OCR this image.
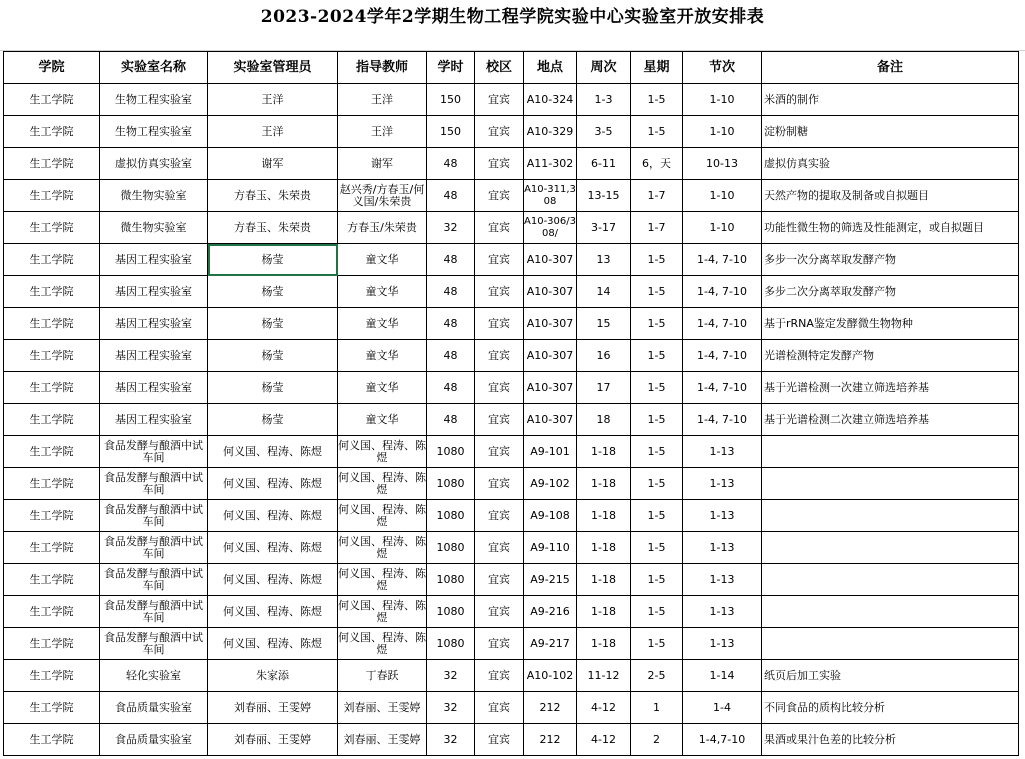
2023-2024学年2学期生物工程学院实验中心实验室开放安排表
学院	实验室名称	实验室管理员	指导教师	学时	校区	地点	周次	星期	节次	备注
生工学院	生物工程实验室	王洋	王洋	150	宜宾	A10-324	1-3	1-5	1-10	米酒的制作
生工学院	生物工程实验室	王洋	王洋	150	宜宾	A10-329	3-5	1-5	1-10	淀粉制糖
生工学院	虚拟仿真实验室	谢军	谢军	48	宜宾	A11-302	6-11	6，天	10-13	虚拟仿真实验
生工学院	微生物实验室	方春玉、朱荣贵	赵兴秀/方春玉/何义国/朱荣贵	48	宜宾	A10-311,308	13-15	1-7	1-10	天然产物的提取及制备或自拟题目
生工学院	微生物实验室	方春玉、朱荣贵	方春玉/朱荣贵	32	宜宾	A10-306/308/	3-17	1-7	1-10	功能性微生物的筛选及性能测定，或自拟题目
生工学院	基因工程实验室	杨莹	童文华	48	宜宾	A10-307	13	1-5	1-4, 7-10	多步一次分离萃取发酵产物
生工学院	基因工程实验室	杨莹	童文华	48	宜宾	A10-307	14	1-5	1-4, 7-10	多步二次分离萃取发酵产物
生工学院	基因工程实验室	杨莹	童文华	48	宜宾	A10-307	15	1-5	1-4, 7-10	基于rRNA鉴定发酵微生物物种
生工学院	基因工程实验室	杨莹	童文华	48	宜宾	A10-307	16	1-5	1-4, 7-10	光谱检测特定发酵产物
生工学院	基因工程实验室	杨莹	童文华	48	宜宾	A10-307	17	1-5	1-4, 7-10	基于光谱检测一次建立筛选培养基
生工学院	基因工程实验室	杨莹	童文华	48	宜宾	A10-307	18	1-5	1-4, 7-10	基于光谱检测二次建立筛选培养基
生工学院	食品发酵与酿酒中试车间	何义国、程涛、陈煜	何义国、程涛、陈煜	1080	宜宾	A9-101	1-18	1-5	1-13	
生工学院	食品发酵与酿酒中试车间	何义国、程涛、陈煜	何义国、程涛、陈煜	1080	宜宾	A9-102	1-18	1-5	1-13	
生工学院	食品发酵与酿酒中试车间	何义国、程涛、陈煜	何义国、程涛、陈煜	1080	宜宾	A9-108	1-18	1-5	1-13	
生工学院	食品发酵与酿酒中试车间	何义国、程涛、陈煜	何义国、程涛、陈煜	1080	宜宾	A9-110	1-18	1-5	1-13	
生工学院	食品发酵与酿酒中试车间	何义国、程涛、陈煜	何义国、程涛、陈煜	1080	宜宾	A9-215	1-18	1-5	1-13	
生工学院	食品发酵与酿酒中试车间	何义国、程涛、陈煜	何义国、程涛、陈煜	1080	宜宾	A9-216	1-18	1-5	1-13	
生工学院	食品发酵与酿酒中试车间	何义国、程涛、陈煜	何义国、程涛、陈煜	1080	宜宾	A9-217	1-18	1-5	1-13	
生工学院	轻化实验室	朱家添	丁春跃	32	宜宾	A10-102	11-12	2-5	1-14	纸页后加工实验
生工学院	食品质量实验室	刘春丽、王雯婷	刘春丽、王雯婷	32	宜宾	212	4-12	1	1-4	不同食品的质构比较分析
生工学院	食品质量实验室	刘春丽、王雯婷	刘春丽、王雯婷	32	宜宾	212	4-12	2	1-4,7-10	果酒或果汁色差的比较分析
